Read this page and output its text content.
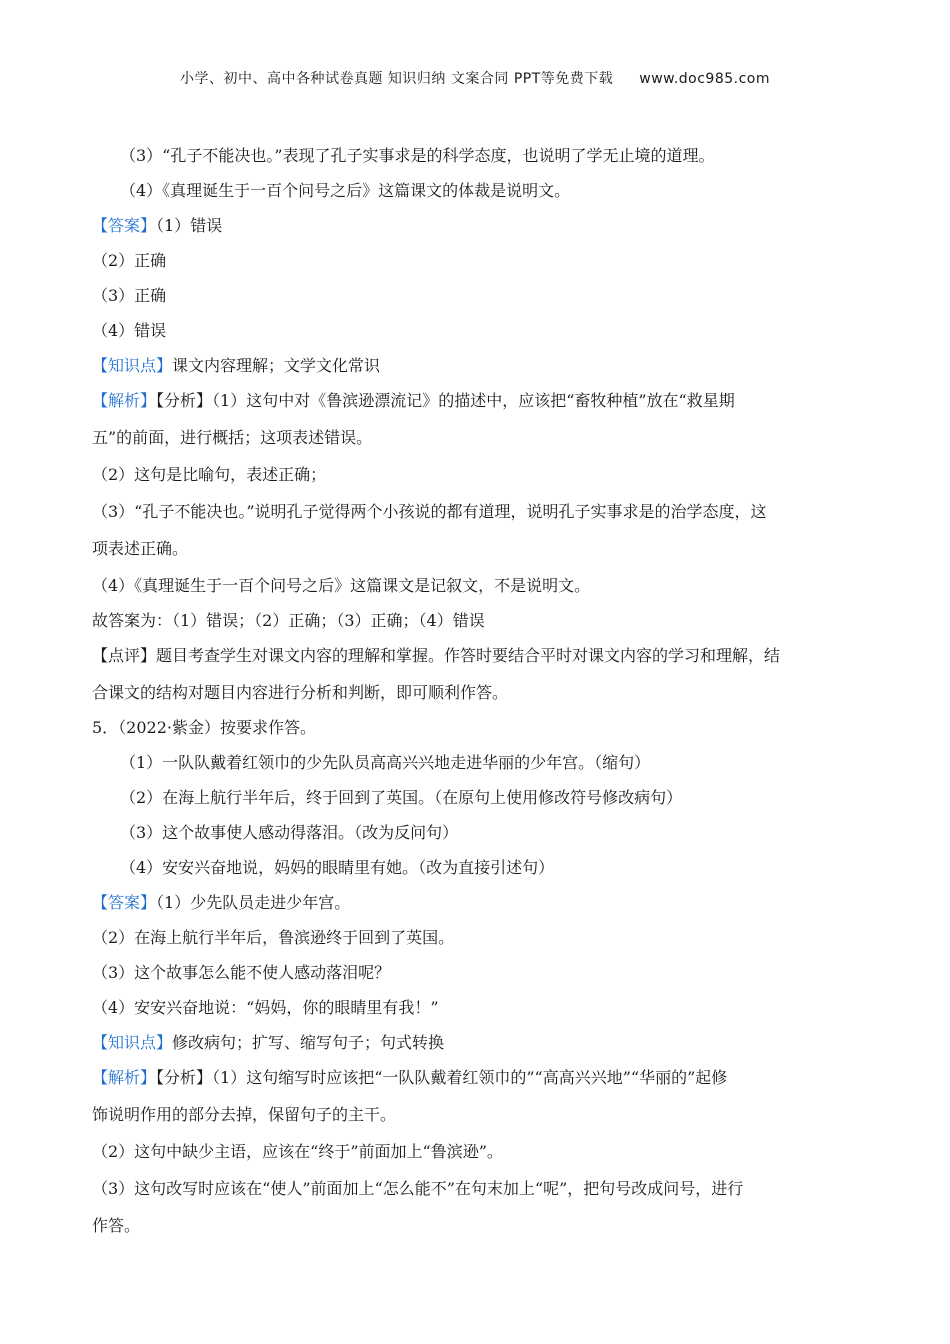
小学、初中、高中各种试卷真题 知识归纳 文案合同 PPT等免费下载 www.doc985.com
（3）“孔子不能决也。”表现了孔子实事求是的科学态度，也说明了学无止境的道理。
（4）《真理诞生于一百个问号之后》这篇课文的体裁是说明文。
【答案】（1）错误
（2）正确
（3）正确
（4）错误
【知识点】课文内容理解；文学文化常识
【解析】【分析】（1）这句中对《鲁滨逊漂流记》的描述中，应该把“畜牧种植”放在“救星期
五”的前面，进行概括；这项表述错误。
（2）这句是比喻句，表述正确；
（3）“孔子不能决也。”说明孔子觉得两个小孩说的都有道理，说明孔子实事求是的治学态度，这
项表述正确。
（4）《真理诞生于一百个问号之后》这篇课文是记叙文，不是说明文。
故答案为：（1）错误；（2）正确；（3）正确；（4）错误
【点评】题目考查学生对课文内容的理解和掌握。作答时要结合平时对课文内容的学习和理解，结
合课文的结构对题目内容进行分析和判断，即可顺利作答。
5．（2022·紫金）按要求作答。
（1）一队队戴着红领巾的少先队员高高兴兴地走进华丽的少年宫。（缩句）
（2）在海上航行半年后，终于回到了英国。（在原句上使用修改符号修改病句）
（3）这个故事使人感动得落泪。（改为反问句）
（4）安安兴奋地说，妈妈的眼睛里有她。（改为直接引述句）
【答案】（1）少先队员走进少年宫。
（2）在海上航行半年后，鲁滨逊终于回到了英国。
（3）这个故事怎么能不使人感动落泪呢？
（4）安安兴奋地说：“妈妈，你的眼睛里有我！”
【知识点】修改病句；扩写、缩写句子；句式转换
【解析】【分析】（1）这句缩写时应该把“一队队戴着红领巾的”“高高兴兴地”“华丽的”起修
饰说明作用的部分去掉，保留句子的主干。
（2）这句中缺少主语，应该在“终于”前面加上“鲁滨逊”。
（3）这句改写时应该在“使人”前面加上“怎么能不”在句末加上“呢”，把句号改成问号，进行
作答。
